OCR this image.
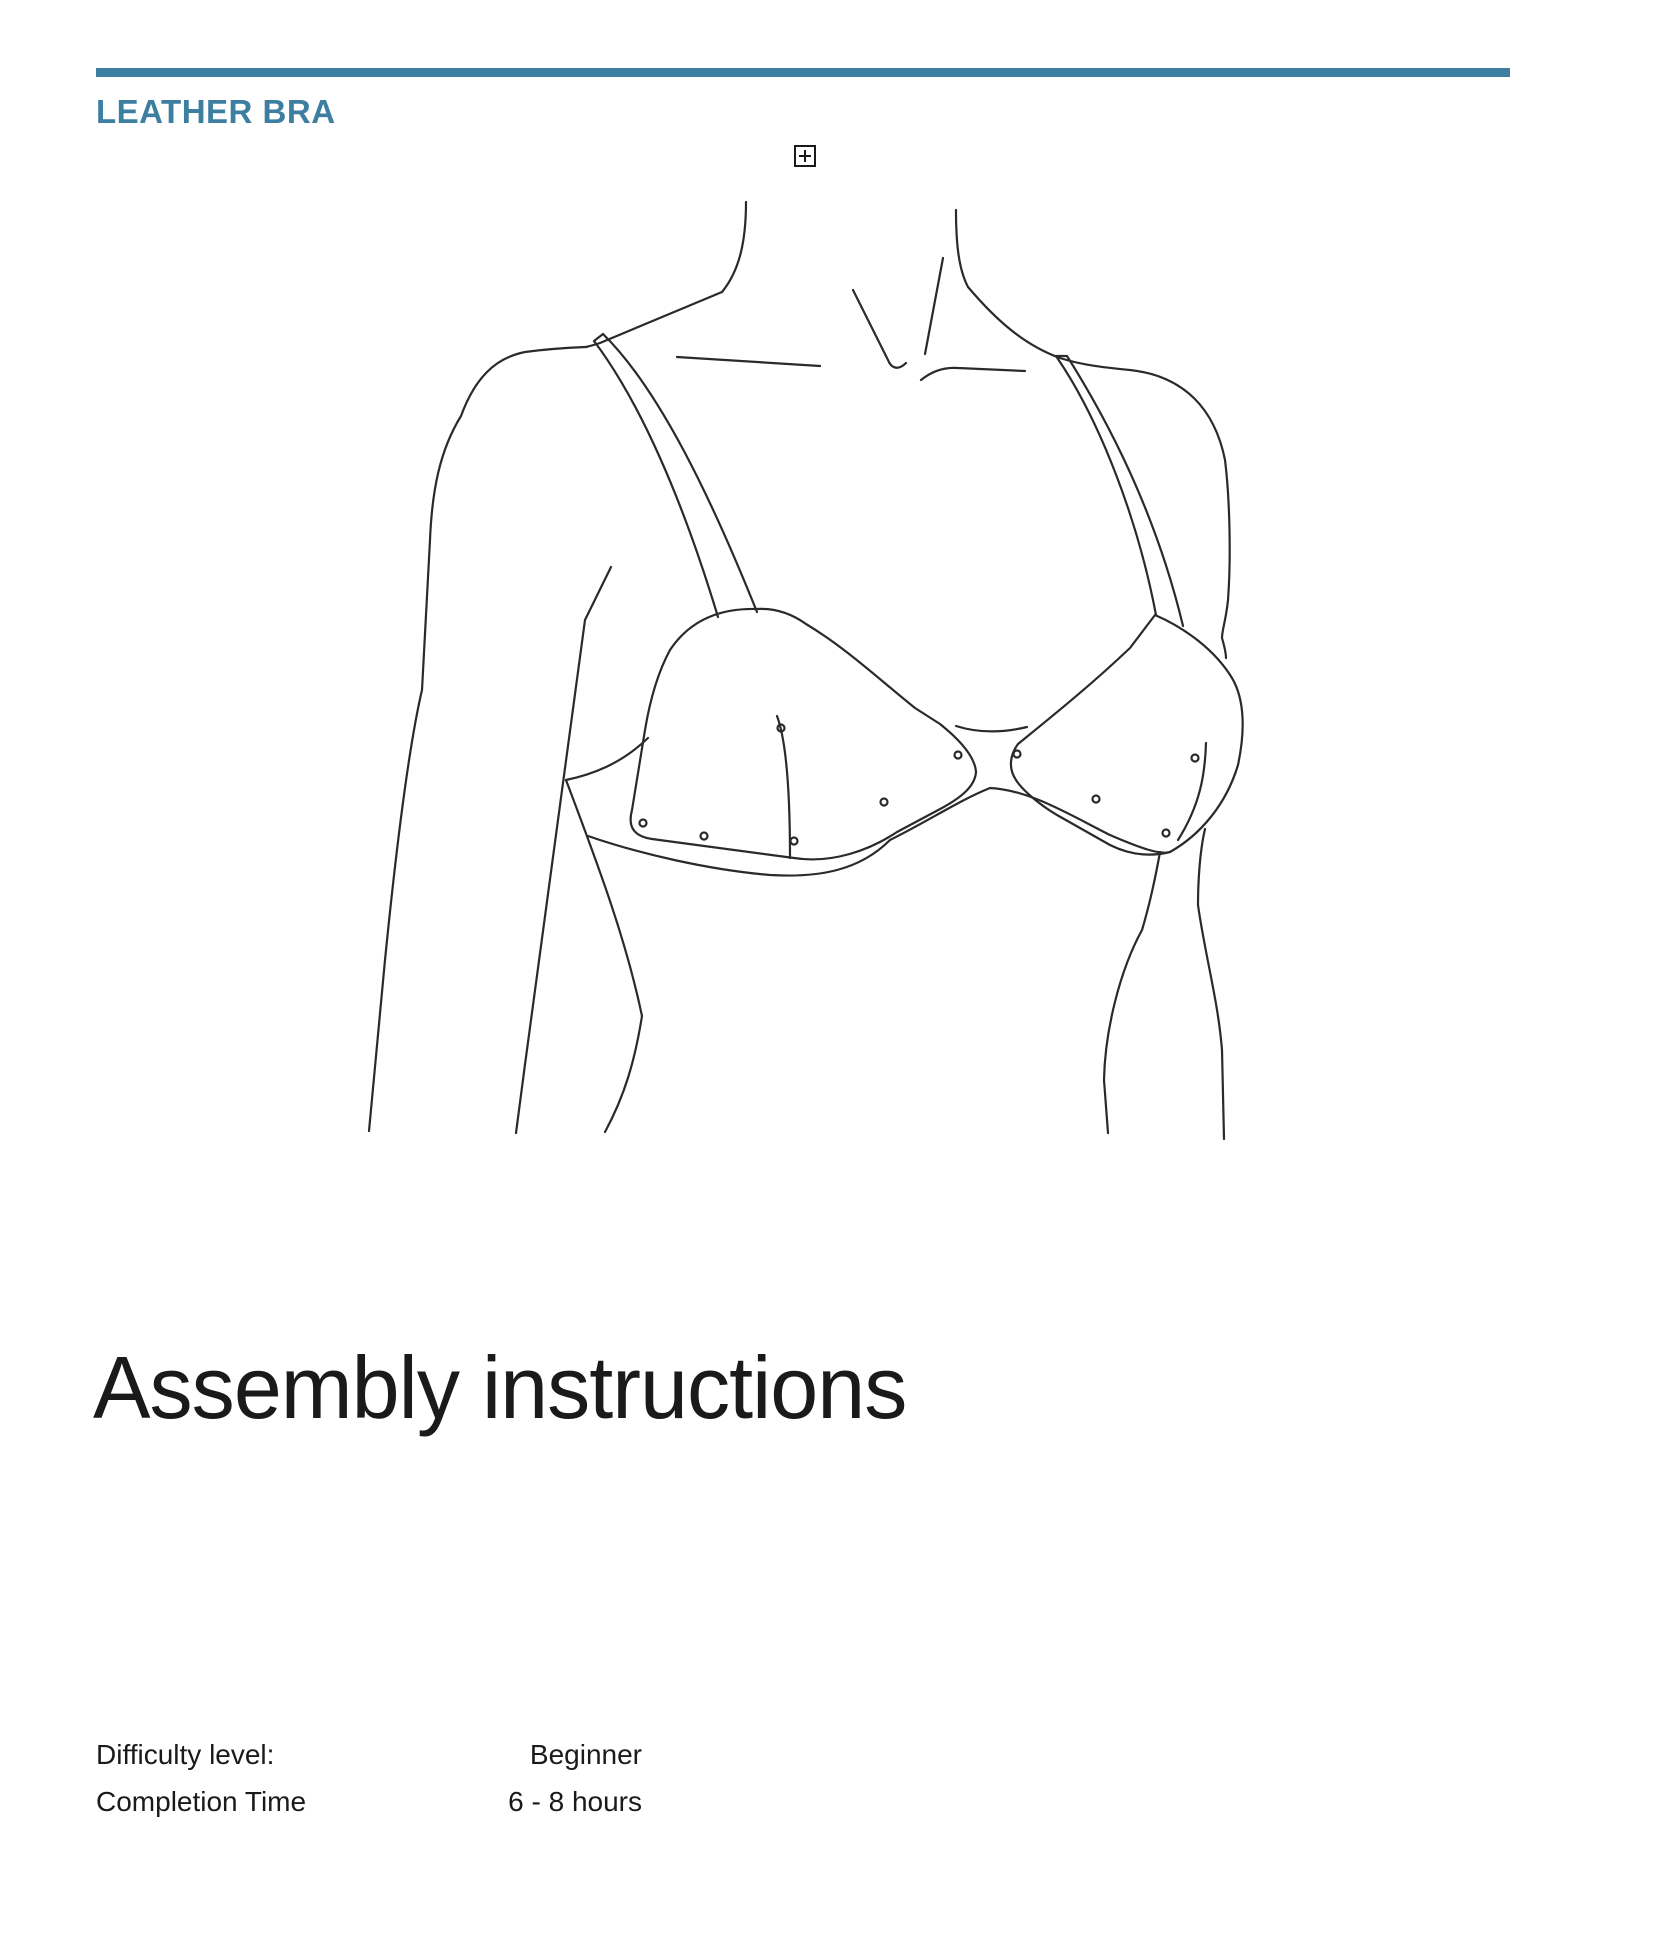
LEATHER BRA
Assembly instructions
Difficulty level:	Beginner
Completion Time	6 - 8 hours
